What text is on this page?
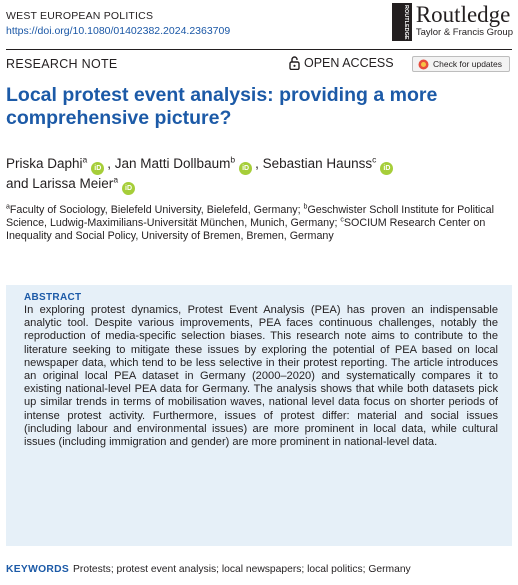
WEST EUROPEAN POLITICS
https://doi.org/10.1080/01402382.2024.2363709	ROUTLEDGE Routledge
Taylor & Francis Group
RESEARCH NOTE	OPEN ACCESS	Check for updates
Local protest event analysis: providing a more comprehensive picture?
Priska Daphi$^a$iD , Jan Matti Dollbaum$^b$iD , Sebastian Haunss$^c$iD
and Larissa Meier$^a$iD
$^a$Faculty of Sociology, Bielefeld University, Bielefeld, Germany; $^b$Geschwister Scholl Institute for Political Science, Ludwig-Maximilians-Universität München, Munich, Germany; $^c$SOCIUM Research Center on Inequality and Social Policy, University of Bremen, Bremen, Germany
ABSTRACT
In exploring protest dynamics, Protest Event Analysis (PEA) has proven an indispensable analytic tool. Despite various improvements, PEA faces continuous challenges, notably the reproduction of media-specific selection biases. This research note aims to contribute to the literature seeking to mitigate these issues by exploring the potential of PEA based on local newspaper data, which tend to be less selective in their protest reporting. The article introduces an original local PEA dataset in Germany (2000–2020) and systematically compares it to existing national-level PEA data for Germany. The analysis shows that while both datasets pick up similar trends in terms of mobilisation waves, national level data focus on shorter periods of intense protest activity. Furthermore, issues of protest differ: material and social issues (including labour and environmental issues) are more prominent in local data, while cultural issues (including immigration and gender) are more prominent in national-level data.
KEYWORDS Protests; protest event analysis; local newspapers; local politics; Germany
